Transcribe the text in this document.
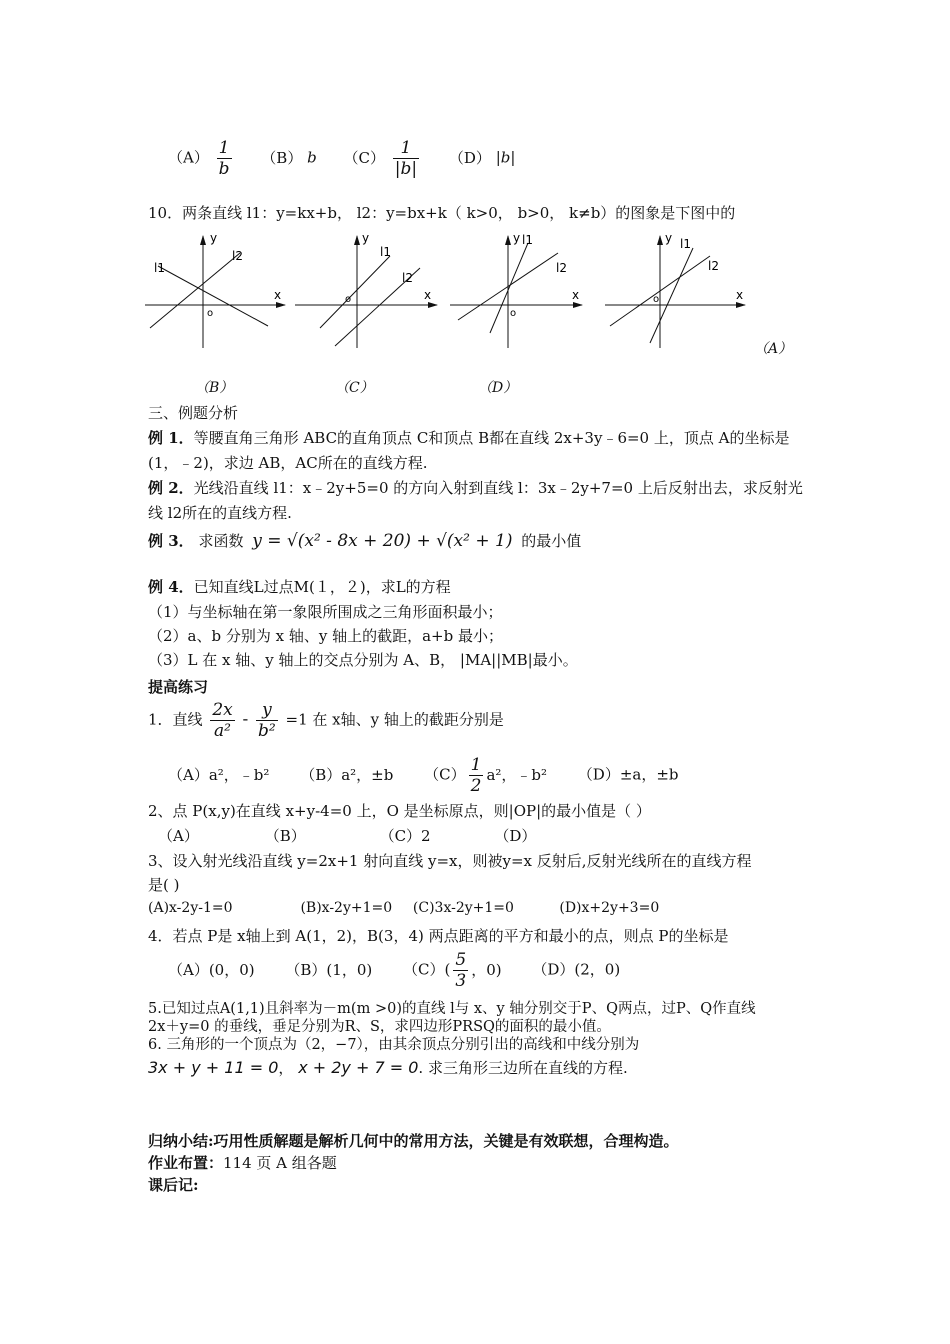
$(A) \frac{1}{b} (B)$ b $(C) \frac{1}{|b|} (D)$ |b|
10．两条直线 l1：y=kx+b， l2：y=bx+k（ k>0， b>0， k≠b）的图象是下图中的
y
x
o
l1
l2
y
x
o
l1
l2
y
x
o
l1
l2
y
x
o
l1
l2
（A）
（B）	（C）	（D）
三、例题分析
例 1．等腰直角三角形 ABC的直角顶点 C和顶点 B都在直线 2x+3y﹣6=0 上，顶点 A的坐标是
(1，﹣2)，求边 AB，AC所在的直线方程.
例 2．光线沿直线 l1：x﹣2y+5=0 的方向入射到直线 l：3x﹣2y+7=0 上后反射出去，求反射光
线 l2所在的直线方程.
例 3． 求函数 y = √(x² - 8x + 20) + √(x² + 1) 的最小值
例 4．已知直线L过点M(１，２)，求L的方程
（1）与坐标轴在第一象限所围成之三角形面积最小；
（2）a、b 分别为 x 轴、y 轴上的截距，a+b 最小；
（3）L 在 x 轴、y 轴上的交点分别为 A、B， |MA||MB|最小。
提高练习
1．直线 $\frac{2x}{\text{a²}} - \frac{y}{\text{b²}} =1$ 在 x轴、y 轴上的截距分别是
（A）a²，﹣b² （B）a²，±b $(C) \frac{1}{2} a^2$，﹣b² （D）±a，±b
2、点 P(x,y)在直线 x+y-4=0 上，O 是坐标原点，则|OP|的最小值是（ ）
（A）	（B）	（C）2	（D）
3、设入射光线沿直线 y=2x+1 射向直线 y=x，则被y=x 反射后,反射光线所在的直线方程
是( )
(A)x-2y-1=0	(B)x-2y+1=0 (C)3x-2y+1=0	(D)x+2y+3=0
4．若点 P是 x轴上到 A(1，2)，B(3，4) 两点距离的平方和最小的点，则点 P的坐标是
（A）(0，0) （B）(1，0) $(C)( \frac{5}{3}$ ，0) （D）(2，0)
5.已知过点A(1,1)且斜率为－m(m >0)的直线 l与 x、y 轴分别交于P、Q两点，过P、Q作直线
2x＋y=0 的垂线，垂足分别为R、S，求四边形PRSQ的面积的最小值。
6. 三角形的一个顶点为（2，−7），由其余顶点分别引出的高线和中线分别为
3x + y + 11 = 0， x + 2y + 7 = 0. 求三角形三边所在直线的方程.
归纳小结:巧用性质解题是解析几何中的常用方法，关键是有效联想，合理构造。
作业布置：114 页 A 组各题
课后记:
